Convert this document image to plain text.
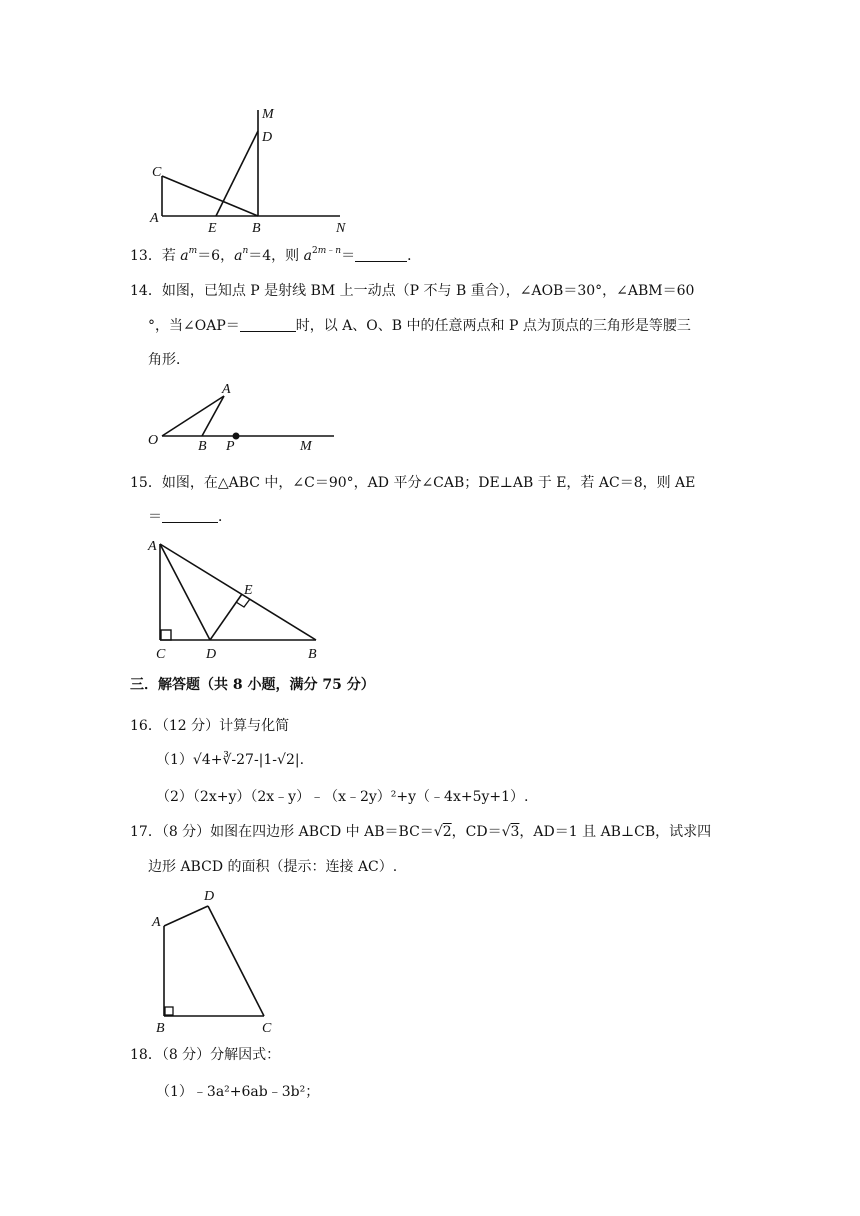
M
D
C
A
E	B	N
13．若 $a^m=6$，$a^n=4$，则 $a^{2m﹣n}=$	．
14．如图，已知点 P 是射线 BM 上一动点（P 不与 B 重合），∠AOB＝30°，∠ABM＝60
°，当∠OAP＝	时，以 A、O、B 中的任意两点和 P 点为顶点的三角形是等腰三
角形．
A
O	B P	M
15．如图，在△ABC 中，∠C＝90°，AD 平分∠CAB；DE⊥AB 于 E，若 AC＝8，则 AE
＝	．
A
E
C	D	B
三．解答题（共 8 小题，满分 75 分）
16．（12 分）计算与化简
（1）√4+∛-27-|1-√2|.
（2）（2x+y）（2x﹣y）﹣（x﹣2y）²+y（﹣4x+5y+1）.
17．（8 分）如图在四边形 ABCD 中 AB＝BC＝√2，CD＝√3，AD＝1 且 AB⊥CB，试求四
边形 ABCD 的面积（提示：连接 AC）.
D
A
B	C
18．（8 分）分解因式：
（1）﹣3a²+6ab﹣3b²；
